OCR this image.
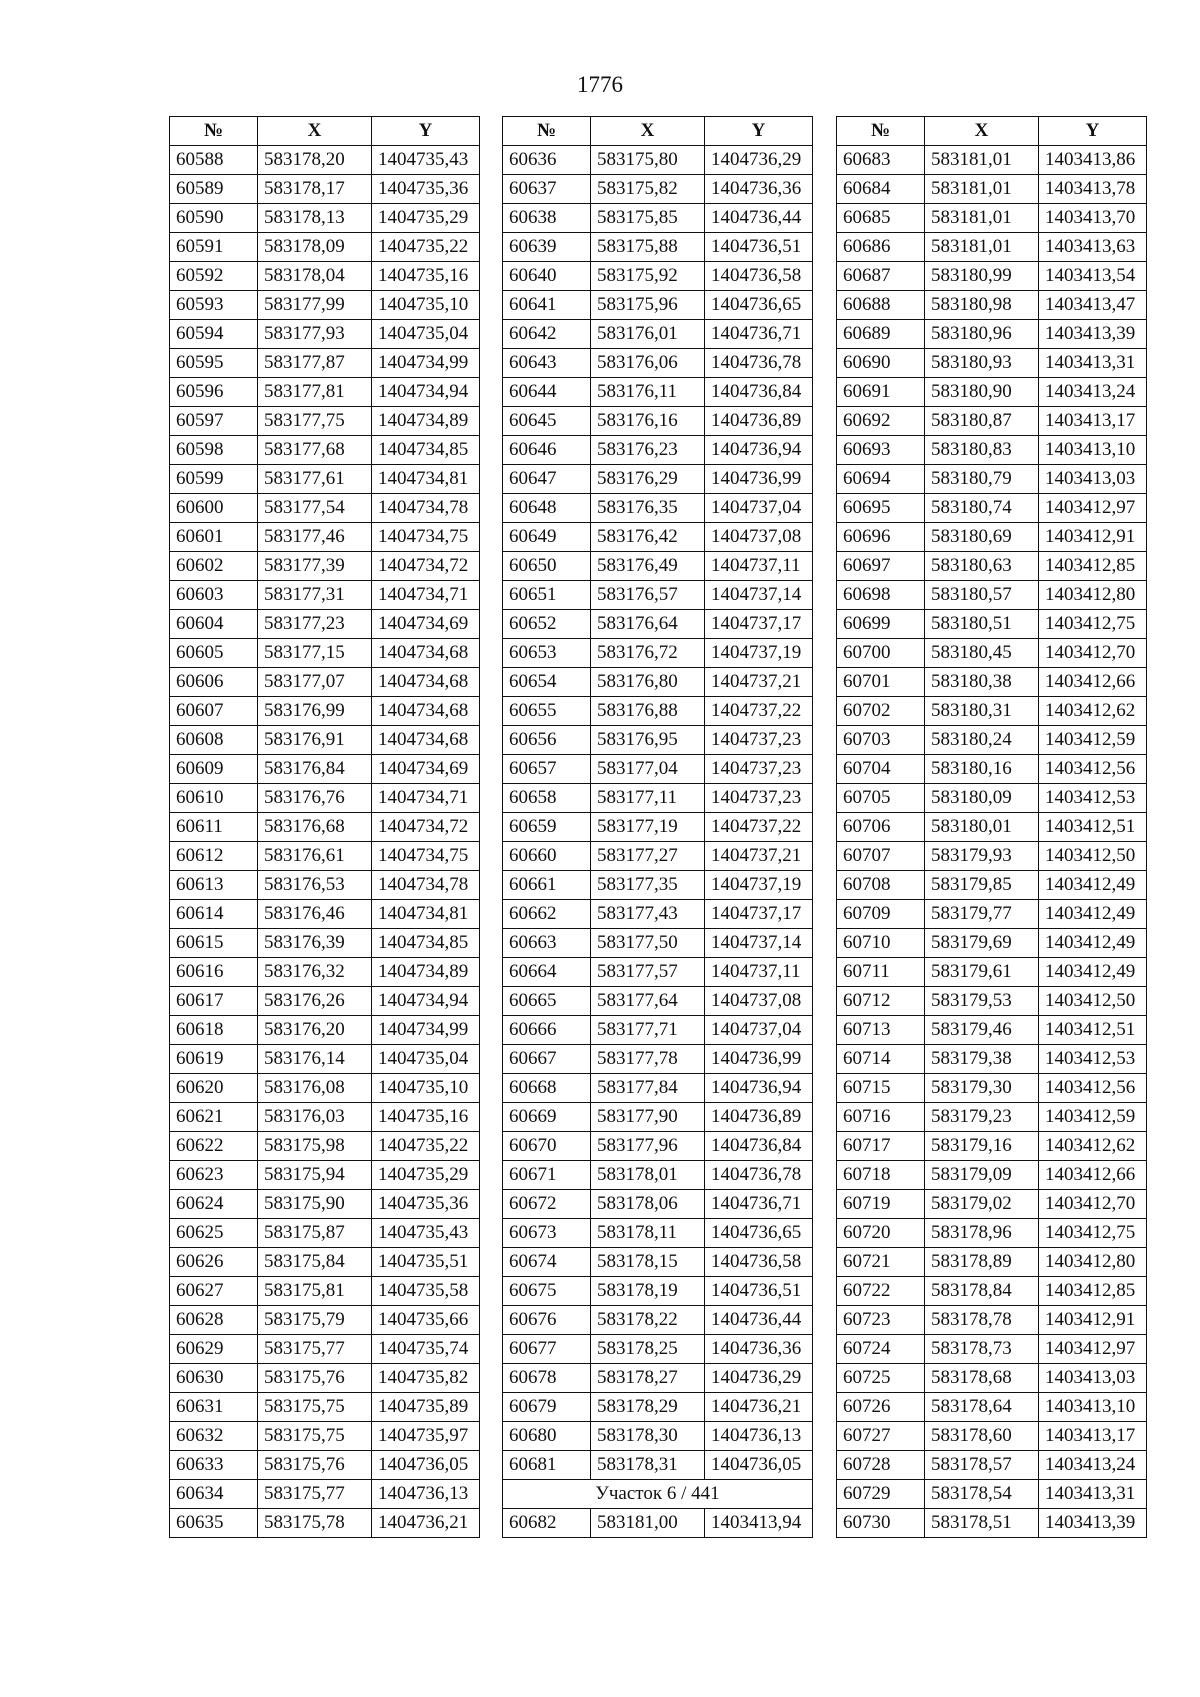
1776
№	X	Y
60588	583178,20	1404735,43
60589	583178,17	1404735,36
60590	583178,13	1404735,29
60591	583178,09	1404735,22
60592	583178,04	1404735,16
60593	583177,99	1404735,10
60594	583177,93	1404735,04
60595	583177,87	1404734,99
60596	583177,81	1404734,94
60597	583177,75	1404734,89
60598	583177,68	1404734,85
60599	583177,61	1404734,81
60600	583177,54	1404734,78
60601	583177,46	1404734,75
60602	583177,39	1404734,72
60603	583177,31	1404734,71
60604	583177,23	1404734,69
60605	583177,15	1404734,68
60606	583177,07	1404734,68
60607	583176,99	1404734,68
60608	583176,91	1404734,68
60609	583176,84	1404734,69
60610	583176,76	1404734,71
60611	583176,68	1404734,72
60612	583176,61	1404734,75
60613	583176,53	1404734,78
60614	583176,46	1404734,81
60615	583176,39	1404734,85
60616	583176,32	1404734,89
60617	583176,26	1404734,94
60618	583176,20	1404734,99
60619	583176,14	1404735,04
60620	583176,08	1404735,10
60621	583176,03	1404735,16
60622	583175,98	1404735,22
60623	583175,94	1404735,29
60624	583175,90	1404735,36
60625	583175,87	1404735,43
60626	583175,84	1404735,51
60627	583175,81	1404735,58
60628	583175,79	1404735,66
60629	583175,77	1404735,74
60630	583175,76	1404735,82
60631	583175,75	1404735,89
60632	583175,75	1404735,97
60633	583175,76	1404736,05
60634	583175,77	1404736,13
60635	583175,78	1404736,21
№	X	Y
60636	583175,80	1404736,29
60637	583175,82	1404736,36
60638	583175,85	1404736,44
60639	583175,88	1404736,51
60640	583175,92	1404736,58
60641	583175,96	1404736,65
60642	583176,01	1404736,71
60643	583176,06	1404736,78
60644	583176,11	1404736,84
60645	583176,16	1404736,89
60646	583176,23	1404736,94
60647	583176,29	1404736,99
60648	583176,35	1404737,04
60649	583176,42	1404737,08
60650	583176,49	1404737,11
60651	583176,57	1404737,14
60652	583176,64	1404737,17
60653	583176,72	1404737,19
60654	583176,80	1404737,21
60655	583176,88	1404737,22
60656	583176,95	1404737,23
60657	583177,04	1404737,23
60658	583177,11	1404737,23
60659	583177,19	1404737,22
60660	583177,27	1404737,21
60661	583177,35	1404737,19
60662	583177,43	1404737,17
60663	583177,50	1404737,14
60664	583177,57	1404737,11
60665	583177,64	1404737,08
60666	583177,71	1404737,04
60667	583177,78	1404736,99
60668	583177,84	1404736,94
60669	583177,90	1404736,89
60670	583177,96	1404736,84
60671	583178,01	1404736,78
60672	583178,06	1404736,71
60673	583178,11	1404736,65
60674	583178,15	1404736,58
60675	583178,19	1404736,51
60676	583178,22	1404736,44
60677	583178,25	1404736,36
60678	583178,27	1404736,29
60679	583178,29	1404736,21
60680	583178,30	1404736,13
60681	583178,31	1404736,05
Участок 6 / 441		
60682	583181,00	1403413,94
№	X	Y
60683	583181,01	1403413,86
60684	583181,01	1403413,78
60685	583181,01	1403413,70
60686	583181,01	1403413,63
60687	583180,99	1403413,54
60688	583180,98	1403413,47
60689	583180,96	1403413,39
60690	583180,93	1403413,31
60691	583180,90	1403413,24
60692	583180,87	1403413,17
60693	583180,83	1403413,10
60694	583180,79	1403413,03
60695	583180,74	1403412,97
60696	583180,69	1403412,91
60697	583180,63	1403412,85
60698	583180,57	1403412,80
60699	583180,51	1403412,75
60700	583180,45	1403412,70
60701	583180,38	1403412,66
60702	583180,31	1403412,62
60703	583180,24	1403412,59
60704	583180,16	1403412,56
60705	583180,09	1403412,53
60706	583180,01	1403412,51
60707	583179,93	1403412,50
60708	583179,85	1403412,49
60709	583179,77	1403412,49
60710	583179,69	1403412,49
60711	583179,61	1403412,49
60712	583179,53	1403412,50
60713	583179,46	1403412,51
60714	583179,38	1403412,53
60715	583179,30	1403412,56
60716	583179,23	1403412,59
60717	583179,16	1403412,62
60718	583179,09	1403412,66
60719	583179,02	1403412,70
60720	583178,96	1403412,75
60721	583178,89	1403412,80
60722	583178,84	1403412,85
60723	583178,78	1403412,91
60724	583178,73	1403412,97
60725	583178,68	1403413,03
60726	583178,64	1403413,10
60727	583178,60	1403413,17
60728	583178,57	1403413,24
60729	583178,54	1403413,31
60730	583178,51	1403413,39
